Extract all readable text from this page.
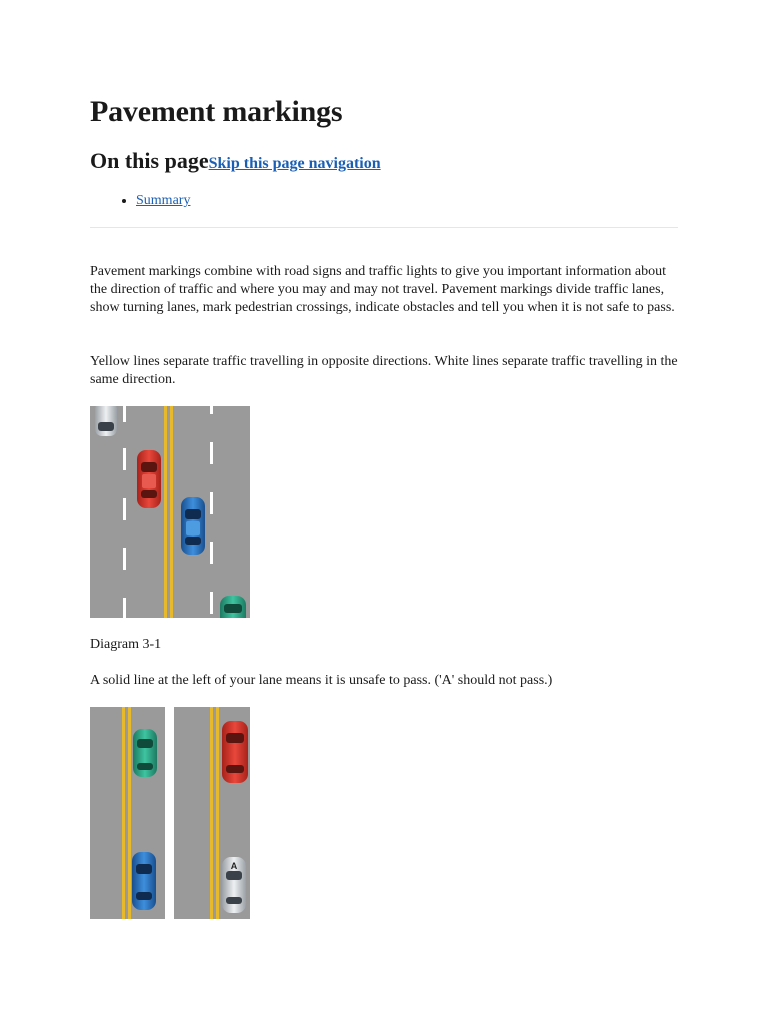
Pavement markings
On this pageSkip this page navigation
• Summary

Pavement markings combine with road signs and traffic lights to give you important information about the direction of traffic and where you may and may not travel. Pavement markings divide traffic lanes, show turning lanes, mark pedestrian crossings, indicate obstacles and tell you when it is not safe to pass.

Yellow lines separate traffic travelling in opposite directions. White lines separate traffic travelling in the same direction.

Diagram 3-1

A solid line at the left of your lane means it is unsafe to pass. ('A' should not pass.)

A
